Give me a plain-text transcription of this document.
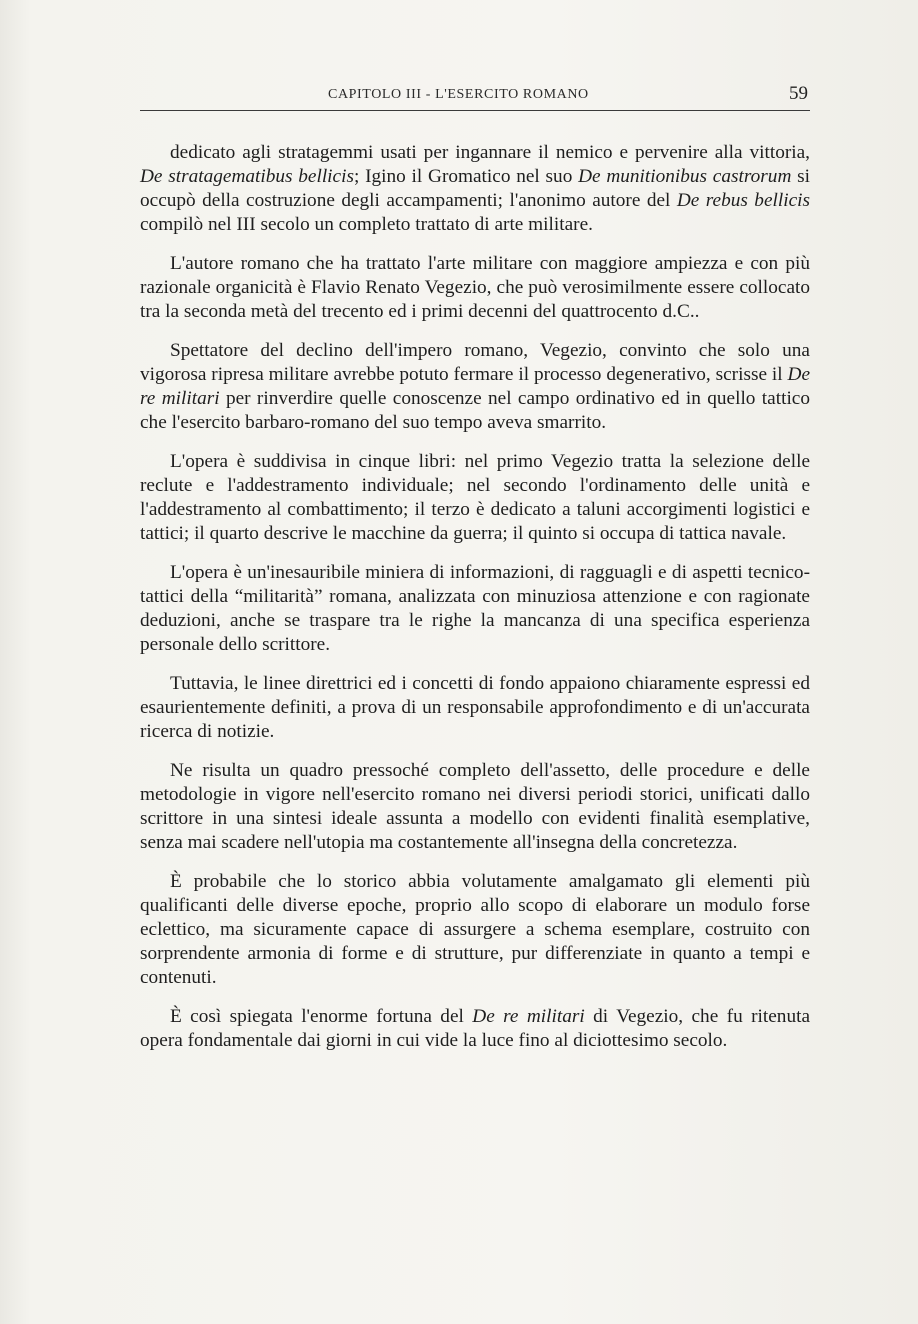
CAPITOLO III - L'ESERCITO ROMANO	59

dedicato agli stratagemmi usati per ingannare il nemico e pervenire alla vittoria, De stratagematibus bellicis; Igino il Gromatico nel suo De munitionibus castrorum si occupò della costruzione degli accampamenti; l'anonimo autore del De rebus bellicis compilò nel III secolo un completo trattato di arte militare.

L'autore romano che ha trattato l'arte militare con maggiore ampiezza e con più razionale organicità è Flavio Renato Vegezio, che può verosimilmente essere collocato tra la seconda metà del trecento ed i primi decenni del quattrocento d.C..

Spettatore del declino dell'impero romano, Vegezio, convinto che solo una vigorosa ripresa militare avrebbe potuto fermare il processo degenerativo, scrisse il De re militari per rinverdire quelle conoscenze nel campo ordinativo ed in quello tattico che l'esercito barbaro-romano del suo tempo aveva smarrito.

L'opera è suddivisa in cinque libri: nel primo Vegezio tratta la selezione delle reclute e l'addestramento individuale; nel secondo l'ordinamento delle unità e l'addestramento al combattimento; il terzo è dedicato a taluni accorgimenti logistici e tattici; il quarto descrive le macchine da guerra; il quinto si occupa di tattica navale.

L'opera è un'inesauribile miniera di informazioni, di ragguagli e di aspetti tecnico-tattici della “militarità” romana, analizzata con minuziosa attenzione e con ragionate deduzioni, anche se traspare tra le righe la mancanza di una specifica esperienza personale dello scrittore.

Tuttavia, le linee direttrici ed i concetti di fondo appaiono chiaramente espressi ed esaurientemente definiti, a prova di un responsabile approfondimento e di un'accurata ricerca di notizie.

Ne risulta un quadro pressoché completo dell'assetto, delle procedure e delle metodologie in vigore nell'esercito romano nei diversi periodi storici, unificati dallo scrittore in una sintesi ideale assunta a modello con evidenti finalità esemplative, senza mai scadere nell'utopia ma costantemente all'insegna della concretezza.

È probabile che lo storico abbia volutamente amalgamato gli elementi più qualificanti delle diverse epoche, proprio allo scopo di elaborare un modulo forse eclettico, ma sicuramente capace di assurgere a schema esemplare, costruito con sorprendente armonia di forme e di strutture, pur differenziate in quanto a tempi e contenuti.

È così spiegata l'enorme fortuna del De re militari di Vegezio, che fu ritenuta opera fondamentale dai giorni in cui vide la luce fino al diciottesimo secolo.
